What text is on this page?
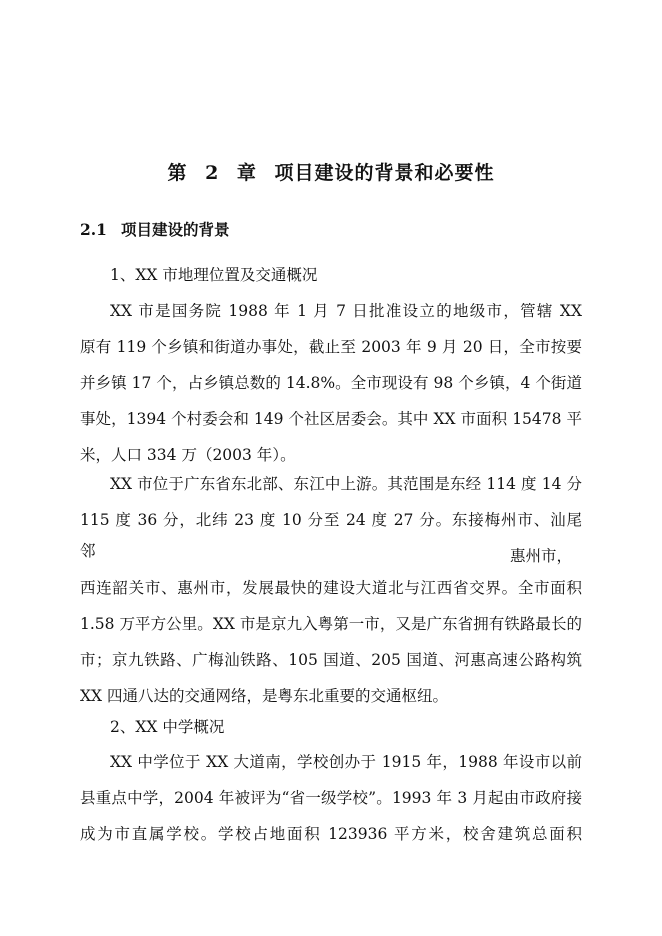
第 2 章 项目建设的背景和必要性
2.1 项目建设的背景
1、XX 市地理位置及交通概况
XX 市是国务院 1988 年 1 月 7 日批准设立的地级市，管辖 XX
原有 119 个乡镇和街道办事处，截止至 2003 年 9 月 20 日，全市按要
并乡镇 17 个，占乡镇总数的 14.8%。全市现设有 98 个乡镇，4 个街道
事处，1394 个村委会和 149 个社区居委会。其中 XX 市面积 15478 平
米，人口 334 万（2003 年）。
XX 市位于广东省东北部、东江中上游。其范围是东经 114 度 14 分
115 度 36 分，北纬 23 度 10 分至 24 度 27 分。东接梅州市、汕尾
邻	惠州市，
西连韶关市、惠州市，发展最快的建设大道北与江西省交界。全市面积
1.58 万平方公里。XX 市是京九入粤第一市，又是广东省拥有铁路最长的
市；京九铁路、广梅汕铁路、105 国道、205 国道、河惠高速公路构筑
XX 四通八达的交通网络，是粤东北重要的交通枢纽。
2、XX 中学概况
XX 中学位于 XX 大道南，学校创办于 1915 年，1988 年设市以前
县重点中学，2004 年被评为“省一级学校”。1993 年 3 月起由市政府接
成为市直属学校。学校占地面积 123936 平方米，校舍建筑总面积
